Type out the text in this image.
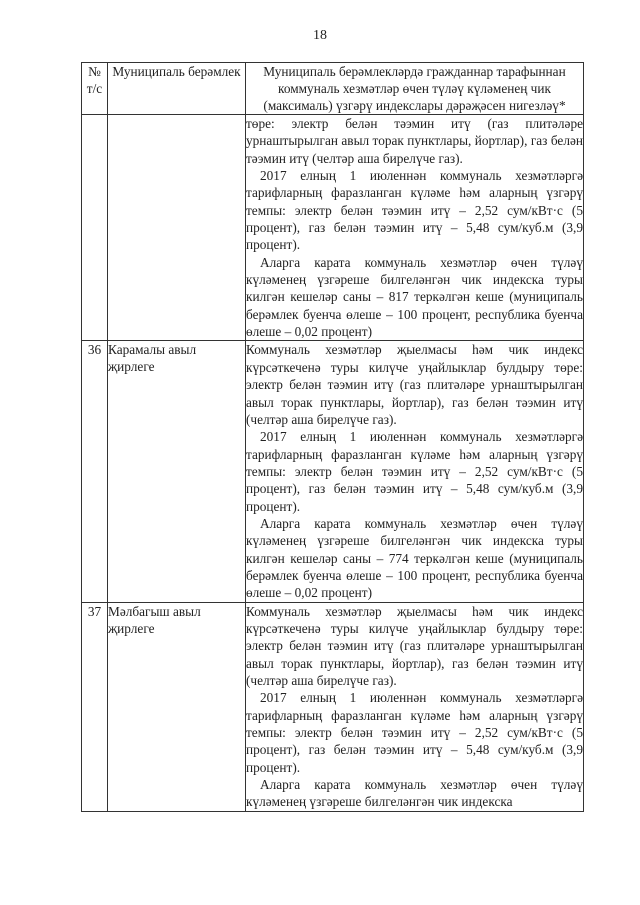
18
№ т/с	Муниципаль берәмлек	Муниципаль берәмлекләрдә гражданнар тарафыннан коммуналь хезмәтләр өчен түләү күләменең чик (максималь) үзгәрү индекслары дәрәҗәсен нигезләү*

		төре: электр белән тәэмин итү (газ плитәләре урнаштырылган авыл торак пунктлары, йортлар), газ белән тәэмин итү (челтәр аша бирелүче газ).

2017 елның 1 июленнән коммуналь хезмәтләргә тарифларның фаразланган күләме һәм аларның үзгәрү темпы: электр белән тәэмин итү – 2,52 сум/кВт·с (5 процент), газ белән тәэмин итү – 5,48 сум/куб.м (3,9 процент).

Аларга карата коммуналь хезмәтләр өчен түләү күләменең үзгәреше билгеләнгән чик индекска туры килгән кешеләр саны – 817 теркәлгән кеше (муниципаль берәмлек буенча өлеше – 100 процент, республика буенча өлеше – 0,02 процент)

36	Карамалы авыл җирлеге	Коммуналь хезмәтләр җыелмасы һәм чик индекс күрсәткеченә туры килүче уңайлыклар булдыру төре: электр белән тәэмин итү (газ плитәләре урнаштырылган авыл торак пунктлары, йортлар), газ белән тәэмин итү (челтәр аша бирелүче газ).

2017 елның 1 июленнән коммуналь хезмәтләргә тарифларның фаразланган күләме һәм аларның үзгәрү темпы: электр белән тәэмин итү – 2,52 сум/кВт·с (5 процент), газ белән тәэмин итү – 5,48 сум/куб.м (3,9 процент).

Аларга карата коммуналь хезмәтләр өчен түләү күләменең үзгәреше билгеләнгән чик индекска туры килгән кешеләр саны – 774 теркәлгән кеше (муниципаль берәмлек буенча өлеше – 100 процент, республика буенча өлеше – 0,02 процент)

37	Мәлбагыш авыл җирлеге	Коммуналь хезмәтләр җыелмасы һәм чик индекс күрсәткеченә туры килүче уңайлыклар булдыру төре: электр белән тәэмин итү (газ плитәләре урнаштырылган авыл торак пунктлары, йортлар), газ белән тәэмин итү (челтәр аша бирелүче газ).

2017 елның 1 июленнән коммуналь хезмәтләргә тарифларның фаразланган күләме һәм аларның үзгәрү темпы: электр белән тәэмин итү – 2,52 сум/кВт·с (5 процент), газ белән тәэмин итү – 5,48 сум/куб.м (3,9 процент).

Аларга карата коммуналь хезмәтләр өчен түләү күләменең үзгәреше билгеләнгән чик индекска
